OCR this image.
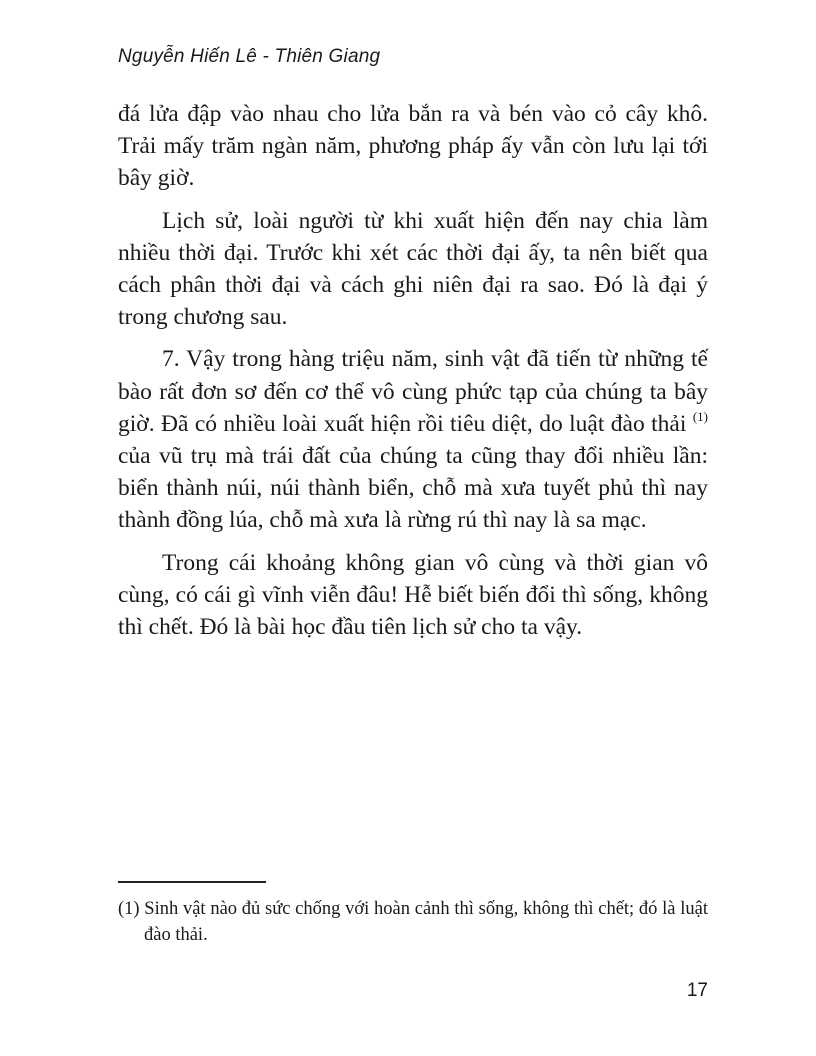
Nguyễn Hiến Lê - Thiên Giang

đá lửa đập vào nhau cho lửa bắn ra và bén vào cỏ cây khô. Trải mấy trăm ngàn năm, phương pháp ấy vẫn còn lưu lại tới bây giờ.

Lịch sử, loài người từ khi xuất hiện đến nay chia làm nhiều thời đại. Trước khi xét các thời đại ấy, ta nên biết qua cách phân thời đại và cách ghi niên đại ra sao. Đó là đại ý trong chương sau.

7. Vậy trong hàng triệu năm, sinh vật đã tiến từ những tế bào rất đơn sơ đến cơ thể vô cùng phức tạp của chúng ta bây giờ. Đã có nhiều loài xuất hiện rồi tiêu diệt, do luật đào thải $^{(1)}$ của vũ trụ mà trái đất của chúng ta cũng thay đổi nhiều lần: biển thành núi, núi thành biển, chỗ mà xưa tuyết phủ thì nay thành đồng lúa, chỗ mà xưa là rừng rú thì nay là sa mạc.

Trong cái khoảng không gian vô cùng và thời gian vô cùng, có cái gì vĩnh viễn đâu! Hễ biết biến đổi thì sống, không thì chết. Đó là bài học đầu tiên lịch sử cho ta vậy.

(1) Sinh vật nào đủ sức chống với hoàn cảnh thì sống, không thì chết; đó là luật đào thải.
17
